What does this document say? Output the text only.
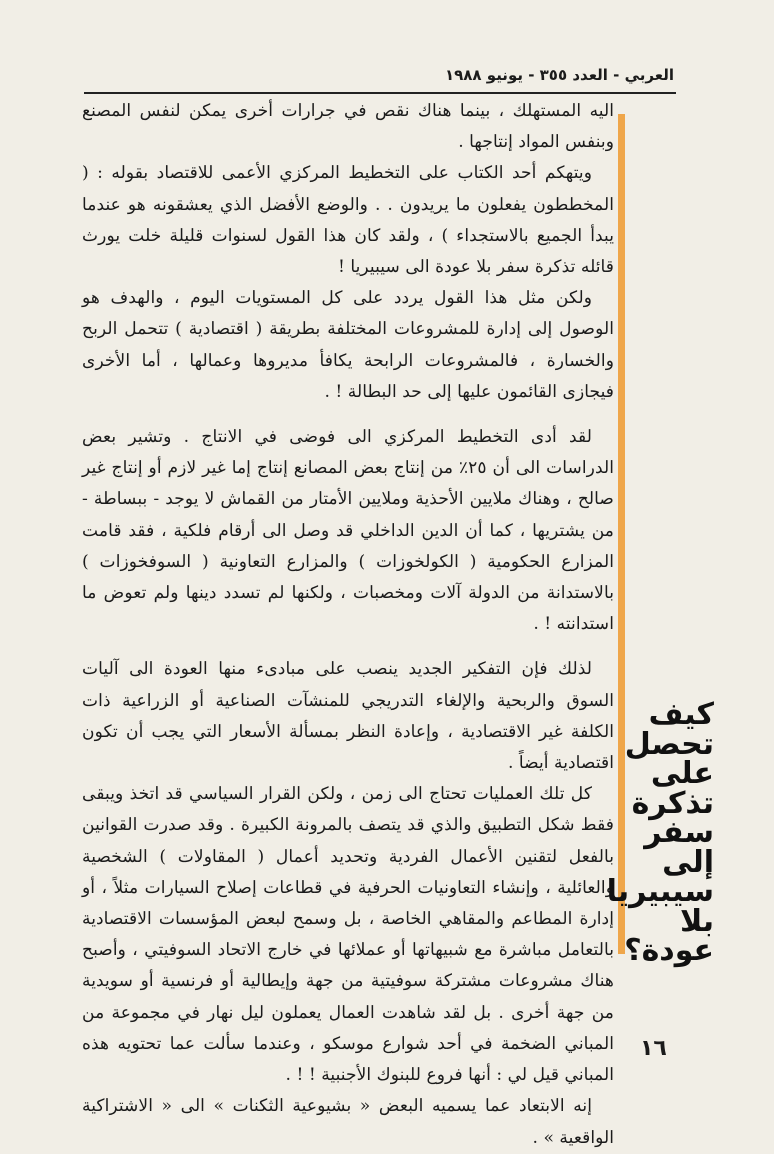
العربي - العدد ٣٥٥ - يونيو ١٩٨٨

اليه المستهلك ، بينما هناك نقص في جرارات أخرى يمكن لنفس المصنع وبنفس المواد إنتاجها .

ويتهكم أحد الكتاب على التخطيط المركزي الأعمى للاقتصاد بقوله : ( المخططون يفعلون ما يريدون . . والوضع الأفضل الذي يعشقونه هو عندما يبدأ الجميع بالاستجداء ) ، ولقد كان هذا القول لسنوات قليلة خلت يورث قائله تذكرة سفر بلا عودة الى سيبيريا !

ولكن مثل هذا القول يردد على كل المستويات اليوم ، والهدف هو الوصول إلى إدارة للمشروعات المختلفة بطريقة ( اقتصادية ) تتحمل الربح والخسارة ، فالمشروعات الرابحة يكافأ مديروها وعمالها ، أما الأخرى فيجازى القائمون عليها إلى حد البطالة ! .

لقد أدى التخطيط المركزي الى فوضى في الانتاج . وتشير بعض الدراسات الى أن ٢٥٪ من إنتاج بعض المصانع إنتاج إما غير لازم أو إنتاج غير صالح ، وهناك ملايين الأحذية وملايين الأمتار من القماش لا يوجد - ببساطة - من يشتريها ، كما أن الدين الداخلي قد وصل الى أرقام فلكية ، فقد قامت المزارع الحكومية ( الكولخوزات ) والمزارع التعاونية ( السوفخوزات ) بالاستدانة من الدولة آلات ومخصبات ، ولكنها لم تسدد دينها ولم تعوض ما استدانته ! .

لذلك فإن التفكير الجديد ينصب على مبادىء منها العودة الى آليات السوق والربحية والإلغاء التدريجي للمنشآت الصناعية أو الزراعية ذات الكلفة غير الاقتصادية ، وإعادة النظر بمسألة الأسعار التي يجب أن تكون اقتصادية أيضاً .

كل تلك العمليات تحتاج الى زمن ، ولكن القرار السياسي قد اتخذ ويبقى فقط شكل التطبيق والذي قد يتصف بالمرونة الكبيرة . وقد صدرت القوانين بالفعل لتقنين الأعمال الفردية وتحديد أعمال ( المقاولات ) الشخصية والعائلية ، وإنشاء التعاونيات الحرفية في قطاعات إصلاح السيارات مثلاً ، أو إدارة المطاعم والمقاهي الخاصة ، بل وسمح لبعض المؤسسات الاقتصادية بالتعامل مباشرة مع شبيهاتها أو عملائها في خارج الاتحاد السوفيتي ، وأصبح هناك مشروعات مشتركة سوفيتية من جهة وإيطالية أو فرنسية أو سويدية من جهة أخرى . بل لقد شاهدت العمال يعملون ليل نهار في مجموعة من المباني الضخمة في أحد شوارع موسكو ، وعندما سألت عما تحتويه هذه المباني قيل لي : أنها فروع للبنوك الأجنبية ! ! .

إنه الابتعاد عما يسميه البعض « بشيوعية الثكنات » الى « الاشتراكية الواقعية » .

كيف
تحصل
على
تذكرة
سفر
إلى
سيبيريا
بلا
عودة؟
١٦
